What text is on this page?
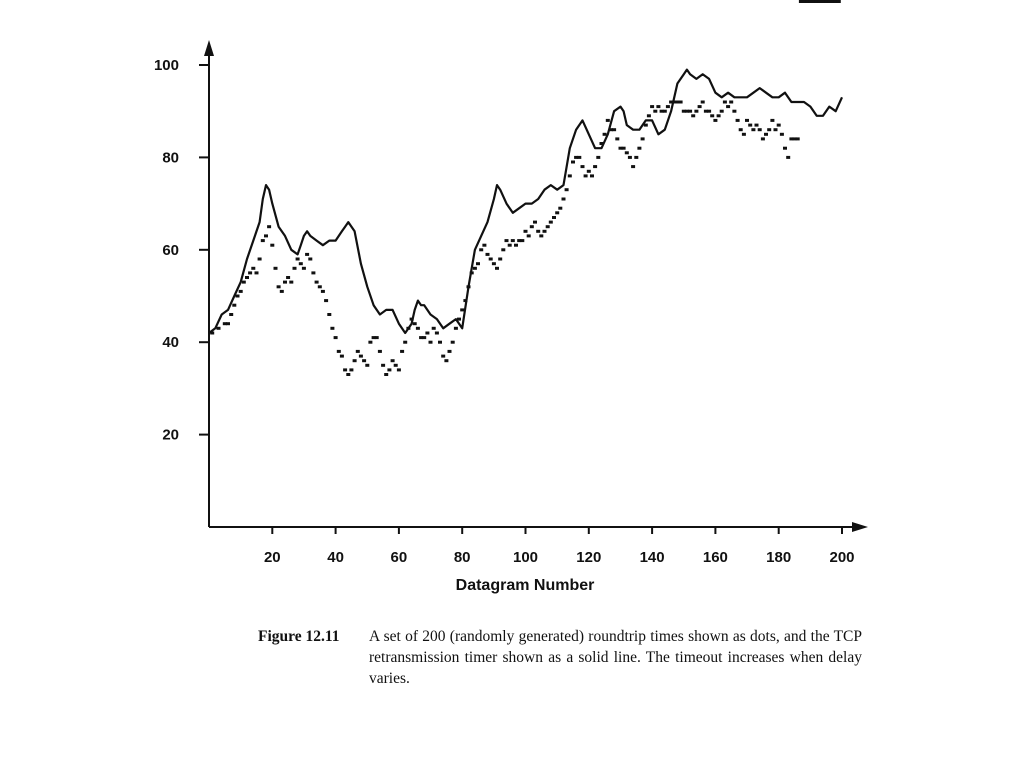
20
40
60
80
100
20	40	60	80	100	120	140	160	180	200
Datagram Number
Figure 12.11 A set of 200 (randomly generated) roundtrip times shown as dots, and the TCP retransmission timer shown as a solid line. The timeout increases when delay varies.
